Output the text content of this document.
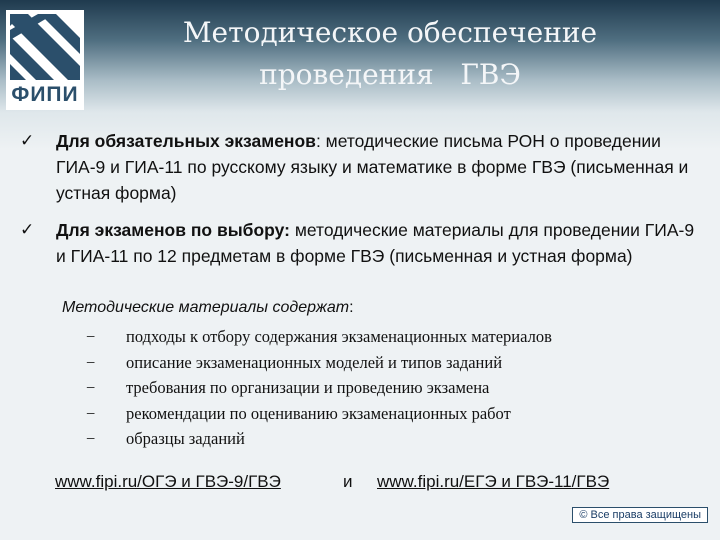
ФИПИ
Методическое обеспечение
проведения   ГВЭ
✓ Для обязательных экзаменов: методические письма РОН о проведении ГИА-9 и ГИА-11 по русскому языку и математике в форме ГВЭ (письменная и устная форма)
✓ Для экзаменов по выбору: методические материалы для проведении ГИА-9 и ГИА-11 по 12 предметам в форме ГВЭ (письменная и устная форма)
Методические материалы содержат:
− подходы к отбору содержания экзаменационных материалов
− описание экзаменационных моделей и типов заданий
− требования по организации и проведению экзамена
− рекомендации по оцениванию экзаменационных работ
− образцы заданий
www.fipi.ru/ОГЭ и ГВЭ-9/ГВЭ	и www.fipi.ru/ЕГЭ и ГВЭ-11/ГВЭ
© Все права защищены
